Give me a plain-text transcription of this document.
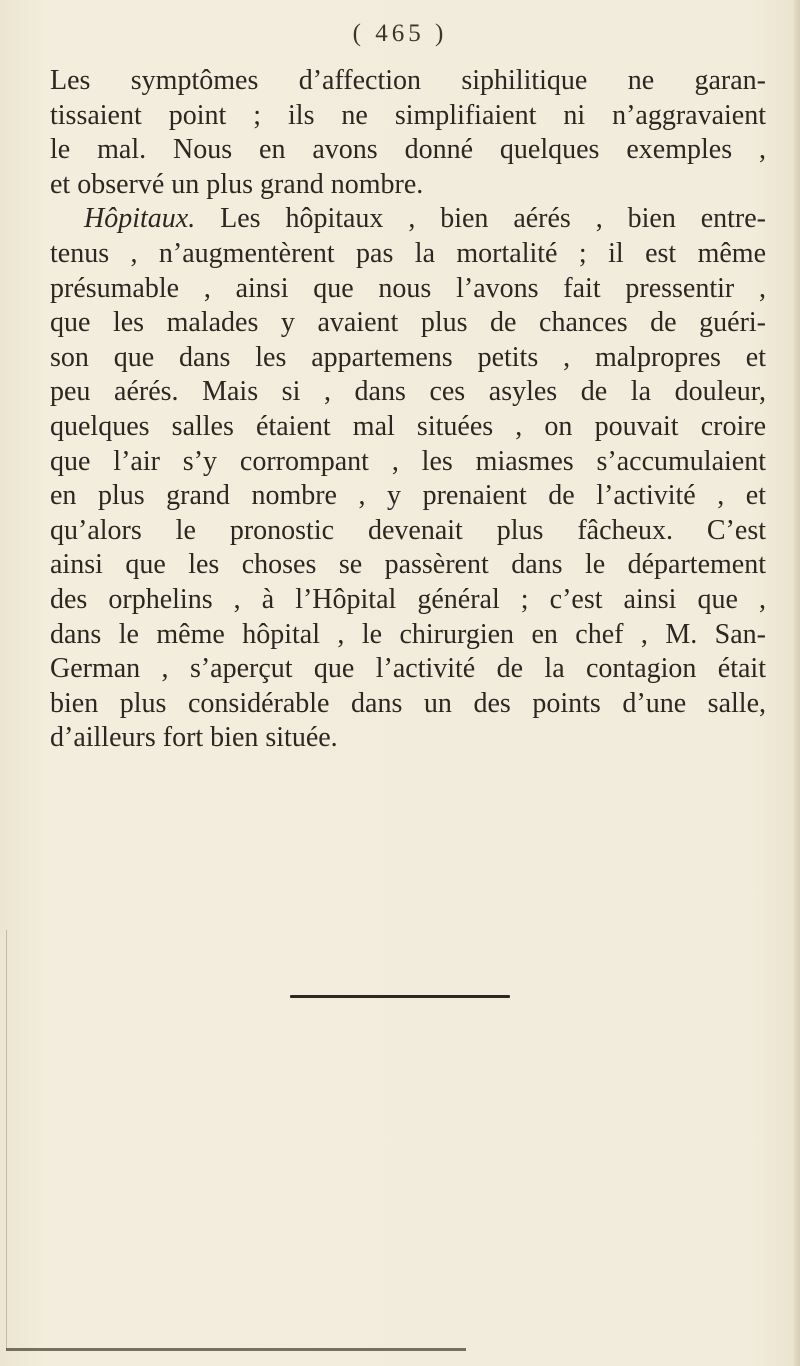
( 465 )
Les symptômes d’affection siphilitique ne garan-
tissaient point ; ils ne simplifiaient ni n’aggravaient
le mal. Nous en avons donné quelques exemples ,
et observé un plus grand nombre.
Hôpitaux. Les hôpitaux , bien aérés , bien entre-
tenus , n’augmentèrent pas la mortalité ; il est même
présumable , ainsi que nous l’avons fait pressentir ,
que les malades y avaient plus de chances de guéri-
son que dans les appartemens petits , malpropres et
peu aérés. Mais si , dans ces asyles de la douleur,
quelques salles étaient mal situées , on pouvait croire
que l’air s’y corrompant , les miasmes s’accumulaient
en plus grand nombre , y prenaient de l’activité , et
qu’alors le pronostic devenait plus fâcheux. C’est
ainsi que les choses se passèrent dans le département
des orphelins , à l’Hôpital général ; c’est ainsi que ,
dans le même hôpital , le chirurgien en chef , M. San-
German , s’aperçut que l’activité de la contagion était
bien plus considérable dans un des points d’une salle,
d’ailleurs fort bien située.
